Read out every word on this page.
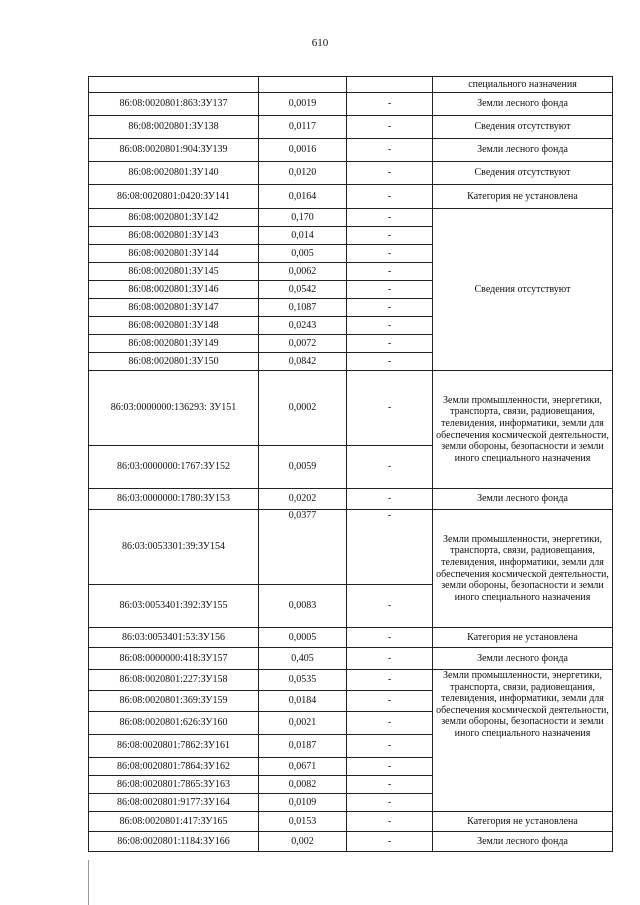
610
			специального назначения
86:08:0020801:863:ЗУ137	0,0019	-	Земли лесного фонда
86:08:0020801:ЗУ138	0,0117	-	Сведения отсутствуют
86:08:0020801:904:ЗУ139	0,0016	-	Земли лесного фонда
86:08:0020801:ЗУ140	0,0120	-	Сведения отсутствуют
86:08:0020801:0420:ЗУ141	0,0164	-	Категория не установлена
86:08:0020801:ЗУ142	0,170	-	Сведения отсутствуют
86:08:0020801:ЗУ143	0,014	-	
86:08:0020801:ЗУ144	0,005	-	
86:08:0020801:ЗУ145	0,0062	-	
86:08:0020801:ЗУ146	0,0542	-	
86:08:0020801:ЗУ147	0,1087	-	
86:08:0020801:ЗУ148	0,0243	-	
86:08:0020801:ЗУ149	0,0072	-	
86:08:0020801:ЗУ150	0,0842	-	
86:03:0000000:136293: ЗУ151	0,0002	-	Земли промышленности, энергетики, транспорта, связи, радиовещания, телевидения, информатики, земли для обеспечения космической деятельности, земли обороны, безопасности и земли иного специального назначения
86:03:0000000:1767:ЗУ152	0,0059	-	
86:03:0000000:1780:ЗУ153	0,0202	-	Земли лесного фонда
86:03:0053301:39:ЗУ154	0,0377	-	Земли промышленности, энергетики, транспорта, связи, радиовещания, телевидения, информатики, земли для обеспечения космической деятельности, земли обороны, безопасности и земли иного специального назначения
86:03:0053401:392:ЗУ155	0,0083	-	
86:03:0053401:53:ЗУ156	0,0005	-	Категория не установлена
86:08:0000000:418:ЗУ157	0,405	-	Земли лесного фонда
86:08:0020801:227:ЗУ158	0,0535	-	Земли промышленности, энергетики, транспорта, связи, радиовещания, телевидения, информатики, земли для обеспечения космической деятельности, земли обороны, безопасности и земли иного специального назначения
86:08:0020801:369:ЗУ159	0,0184	-	
86:08:0020801:626:ЗУ160	0,0021	-	
86:08:0020801:7862:ЗУ161	0,0187	-	
86:08:0020801:7864:ЗУ162	0,0671	-	
86:08:0020801:7865:ЗУ163	0,0082	-	
86:08:0020801:9177:ЗУ164	0,0109	-	
86:08:0020801:417:ЗУ165	0,0153	-	Категория не установлена
86:08:0020801:1184:ЗУ166	0,002	-	Земли лесного фонда
